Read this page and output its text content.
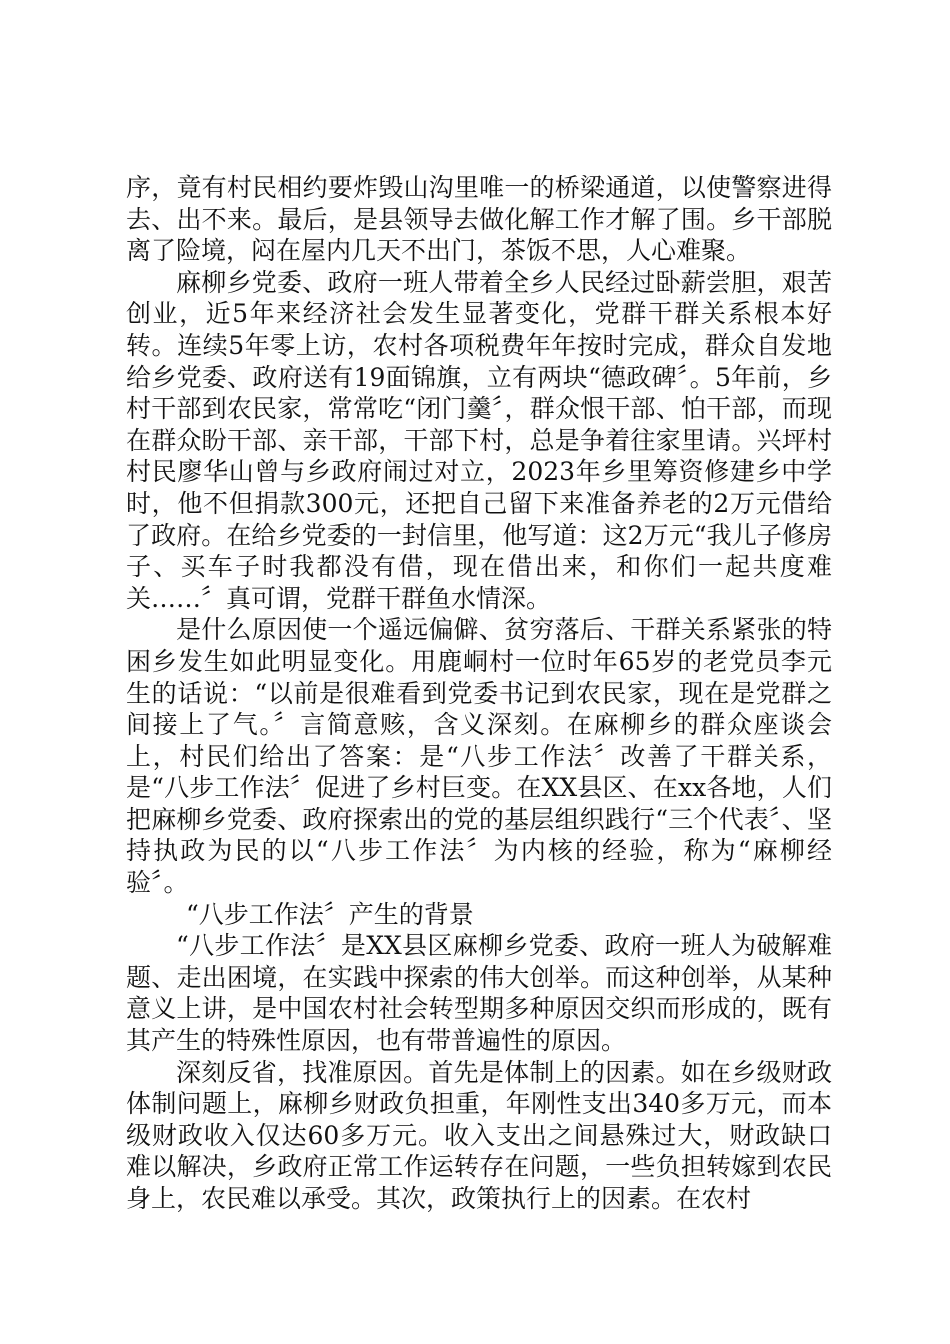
序，竟有村民相约要炸毁山沟里唯一的桥梁通道，以使警察进得去、出不来。最后，是县领导去做化解工作才解了围。乡干部脱离了险境，闷在屋内几天不出门，茶饭不思，人心难聚。

麻柳乡党委、政府一班人带着全乡人民经过卧薪尝胆，艰苦创业，近5年来经济社会发生显著变化，党群干群关系根本好转。连续5年零上访，农村各项税费年年按时完成，群众自发地给乡党委、政府送有19面锦旗，立有两块“德政碑〞。5年前，乡村干部到农民家，常常吃“闭门羹〞，群众恨干部、怕干部，而现在群众盼干部、亲干部，干部下村，总是争着往家里请。兴坪村村民廖华山曾与乡政府闹过对立，2023年乡里筹资修建乡中学时，他不但捐款300元，还把自己留下来准备养老的2万元借给了政府。在给乡党委的一封信里，他写道：这2万元“我儿子修房子、买车子时我都没有借，现在借出来，和你们一起共度难关……〞真可谓，党群干群鱼水情深。

是什么原因使一个遥远偏僻、贫穷落后、干群关系紧张的特困乡发生如此明显变化。用鹿峒村一位时年65岁的老党员李元生的话说：“以前是很难看到党委书记到农民家，现在是党群之间接上了气。〞言简意赅，含义深刻。在麻柳乡的群众座谈会上，村民们给出了答案：是“八步工作法〞改善了干群关系，是“八步工作法〞促进了乡村巨变。在XX县区、在xx各地，人们把麻柳乡党委、政府探索出的党的基层组织践行“三个代表〞、坚持执政为民的以“八步工作法〞为内核的经验，称为“麻柳经验〞。

“八步工作法〞产生的背景

“八步工作法〞是XX县区麻柳乡党委、政府一班人为破解难题、走出困境，在实践中探索的伟大创举。而这种创举，从某种意义上讲，是中国农村社会转型期多种原因交织而形成的，既有其产生的特殊性原因，也有带普遍性的原因。

深刻反省，找准原因。首先是体制上的因素。如在乡级财政体制问题上，麻柳乡财政负担重，年刚性支出340多万元，而本级财政收入仅达60多万元。收入支出之间悬殊过大，财政缺口难以解决，乡政府正常工作运转存在问题，一些负担转嫁到农民身上，农民难以承受。其次，政策执行上的因素。在农村
